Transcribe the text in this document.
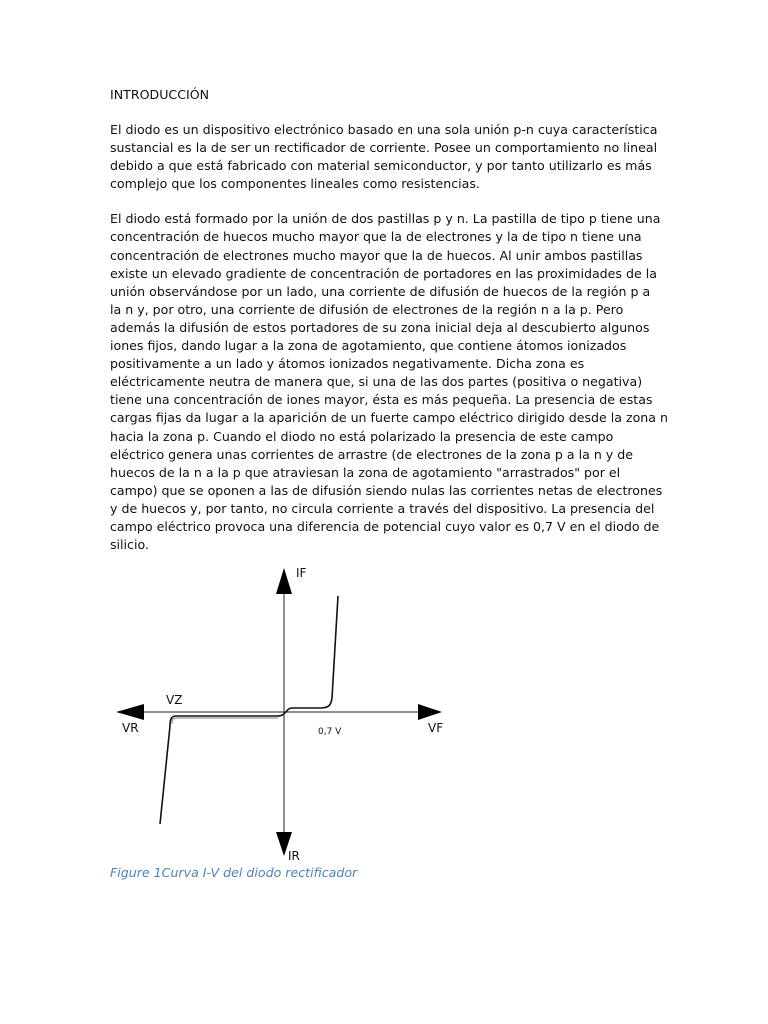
INTRODUCCIÓN

El diodo es un dispositivo electrónico basado en una sola unión p-n cuya característica
sustancial es la de ser un rectificador de corriente. Posee un comportamiento no lineal
debido a que está fabricado con material semiconductor, y por tanto utilizarlo es más
complejo que los componentes lineales como resistencias.

El diodo está formado por la unión de dos pastillas p y n. La pastilla de tipo p tiene una
concentración de huecos mucho mayor que la de electrones y la de tipo n tiene una
concentración de electrones mucho mayor que la de huecos. Al unir ambos pastillas
existe un elevado gradiente de concentración de portadores en las proximidades de la
unión observándose por un lado, una corriente de difusión de huecos de la región p a
la n y, por otro, una corriente de difusión de electrones de la región n a la p. Pero
además la difusión de estos portadores de su zona inicial deja al descubierto algunos
iones fijos, dando lugar a la zona de agotamiento, que contiene átomos ionizados
positivamente a un lado y átomos ionizados negativamente. Dicha zona es
eléctricamente neutra de manera que, si una de las dos partes (positiva o negativa)
tiene una concentración de iones mayor, ésta es más pequeña. La presencia de estas
cargas fijas da lugar a la aparición de un fuerte campo eléctrico dirigido desde la zona n
hacia la zona p. Cuando el diodo no está polarizado la presencia de este campo
eléctrico genera unas corrientes de arrastre (de electrones de la zona p a la n y de
huecos de la n a la p que atraviesan la zona de agotamiento "arrastrados" por el
campo) que se oponen a las de difusión siendo nulas las corrientes netas de electrones
y de huecos y, por tanto, no circula corriente a través del dispositivo. La presencia del
campo eléctrico provoca una diferencia de potencial cuyo valor es 0,7 V en el diodo de
silicio.

IF
IR
VR	VF
VZ
0,7 V
Figure 1Curva I-V del diodo rectificador
